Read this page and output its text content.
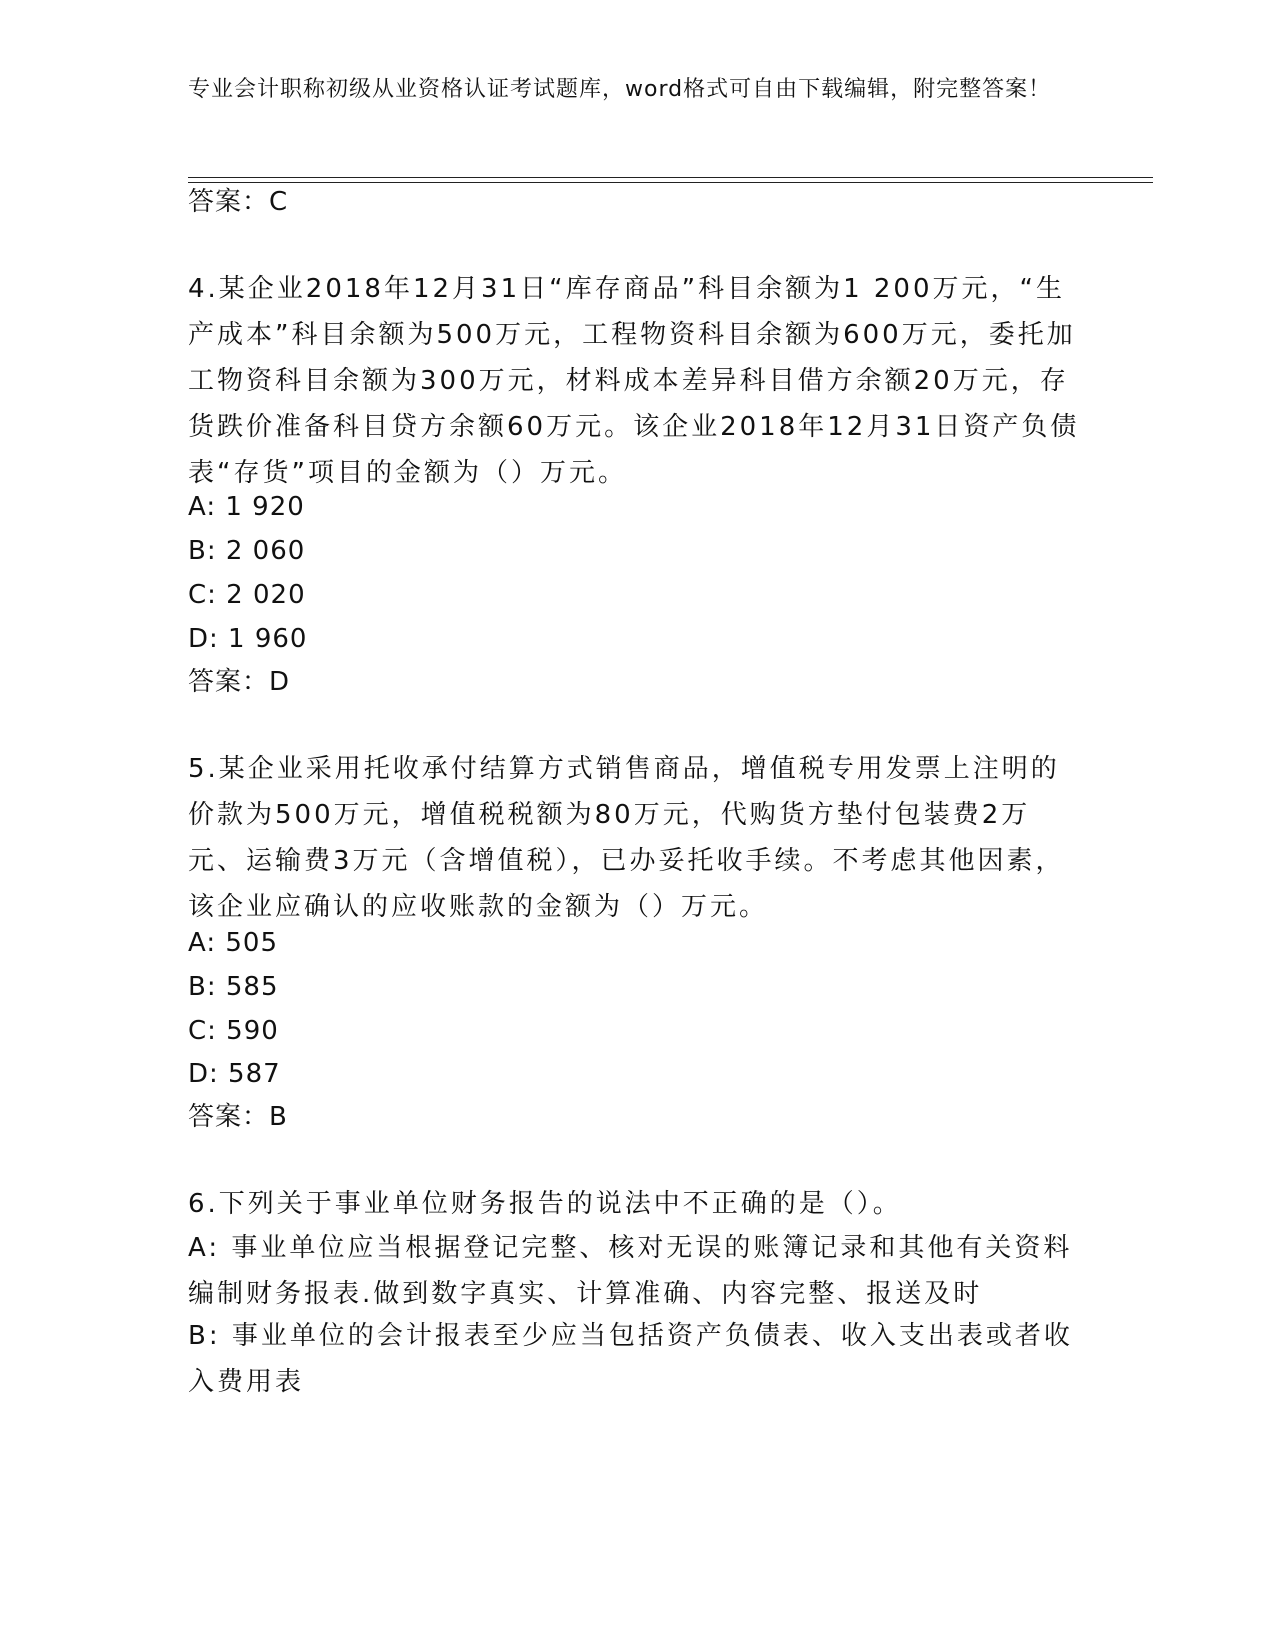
专业会计职称初级从业资格认证考试题库，word格式可自由下载编辑，附完整答案！
答案：C
4.某企业2018年12月31日“库存商品”科目余额为1 200万元，“生产成本”科目余额为500万元，工程物资科目余额为600万元，委托加工物资科目余额为300万元，材料成本差异科目借方余额20万元，存货跌价准备科目贷方余额60万元。该企业2018年12月31日资产负债表“存货”项目的金额为（）万元。
A: 1 920
B: 2 060
C: 2 020
D: 1 960
答案：D
5.某企业采用托收承付结算方式销售商品，增值税专用发票上注明的价款为500万元，增值税税额为80万元，代购货方垫付包装费2万元、运输费3万元（含增值税），已办妥托收手续。不考虑其他因素，该企业应确认的应收账款的金额为（）万元。
A: 505
B: 585
C: 590
D: 587
答案：B
6.下列关于事业单位财务报告的说法中不正确的是（）。
A: 事业单位应当根据登记完整、核对无误的账簿记录和其他有关资料编制财务报表.做到数字真实、计算准确、内容完整、报送及时
B: 事业单位的会计报表至少应当包括资产负债表、收入支出表或者收入费用表
